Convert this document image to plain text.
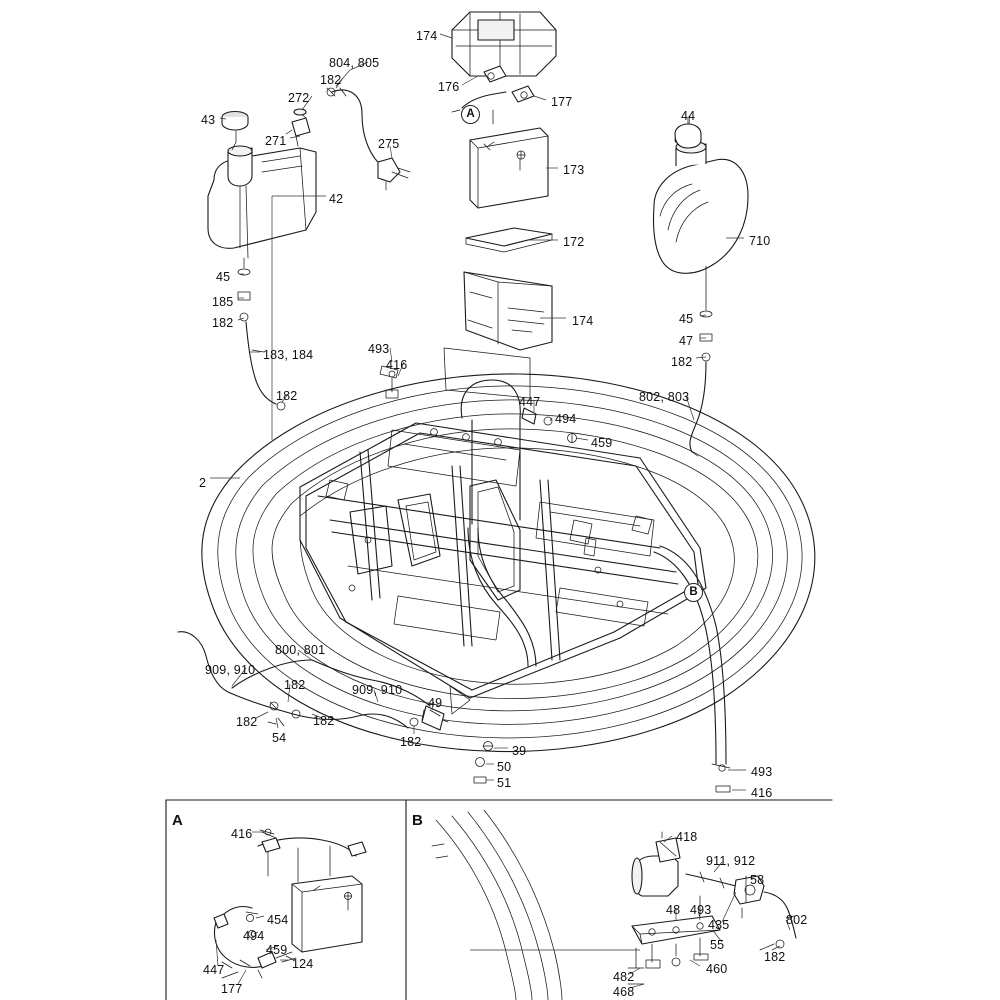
A	B
A
B
174
804, 805
182	176
272	177
43	44
271	275
173
42
710
172
45
185
182	174	45
47
183, 184	493
182
416
802, 803
182	447
494
459
2
800, 801
909, 910
182	909, 910
49
182	182
54	182
39
50
51
493
416
416	418
911, 912
58
454
48 493
802
494
435
459	55
124	182
447	460
482
468
177
